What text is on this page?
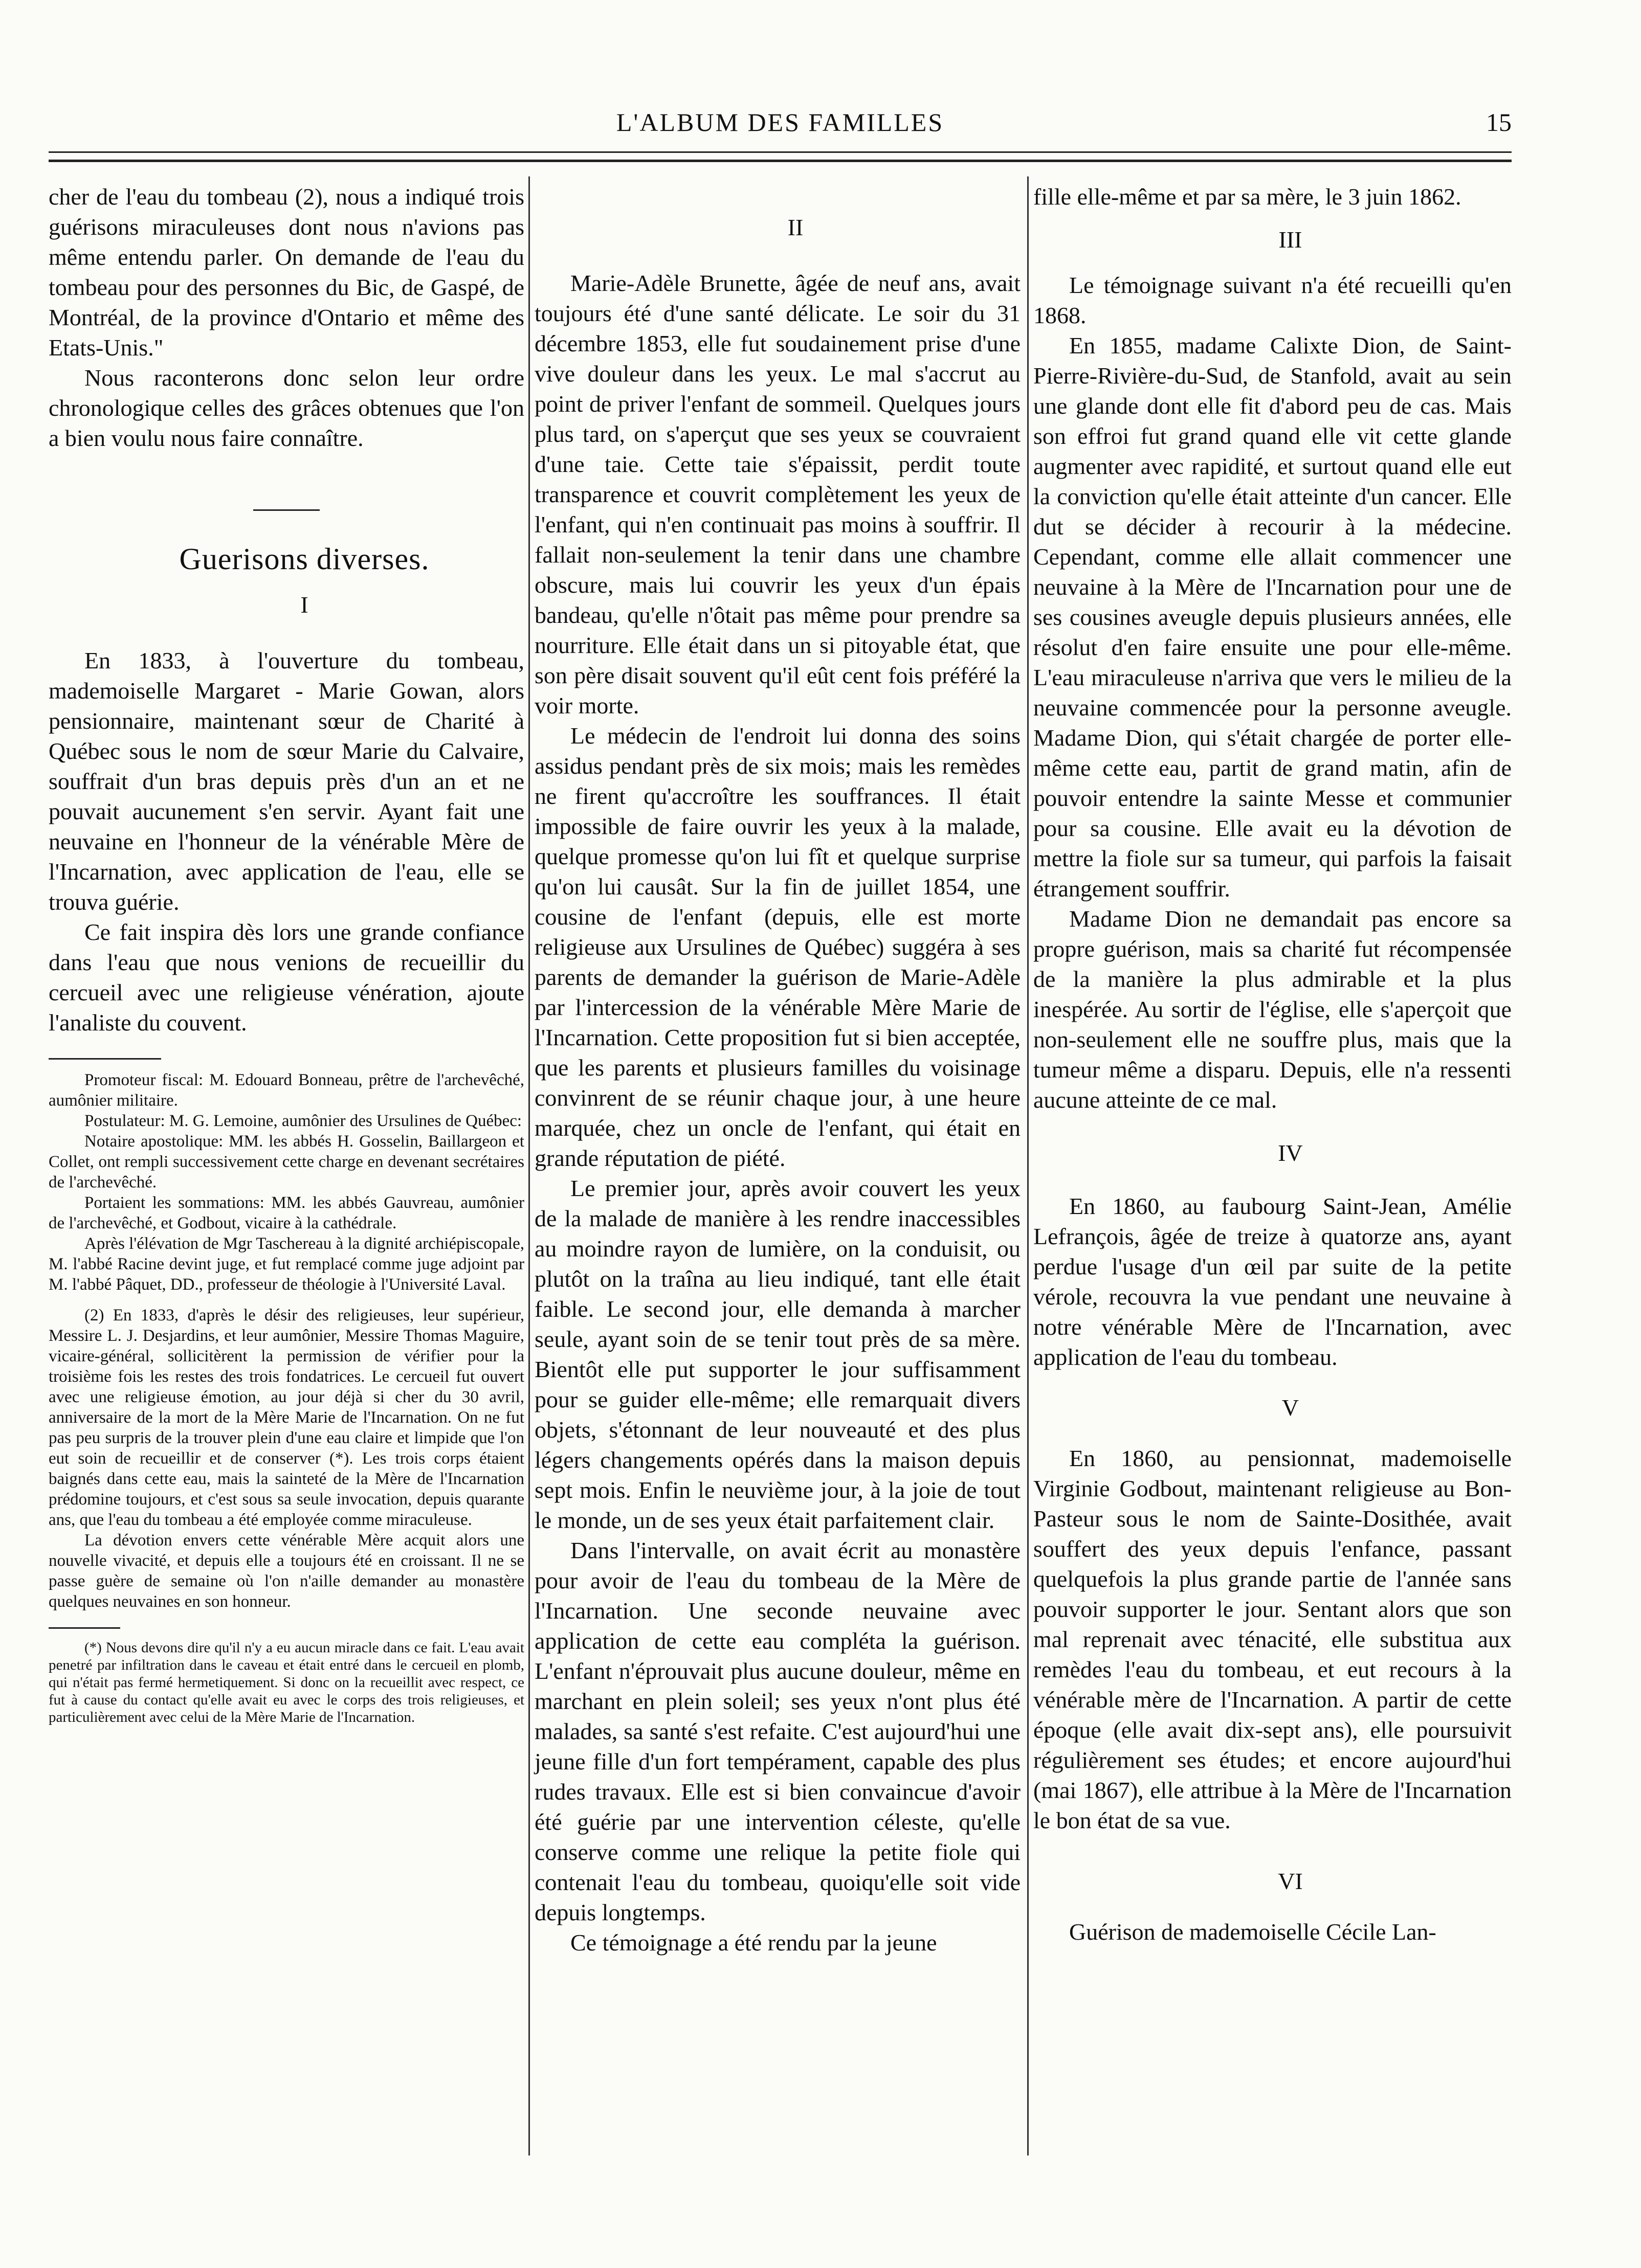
L'ALBUM DES FAMILLES	15

cher de l'eau du tombeau (2), nous a indiqué trois guérisons miraculeuses dont nous n'avions pas même entendu parler. On demande de l'eau du tombeau pour des personnes du Bic, de Gaspé, de Montréal, de la province d'Ontario et même des Etats-Unis."

Nous raconterons donc selon leur ordre chronologique celles des grâces obtenues que l'on a bien voulu nous faire connaître.

Guerisons diverses.

I

En 1833, à l'ouverture du tombeau, mademoiselle Margaret - Marie Gowan, alors pensionnaire, maintenant sœur de Charité à Québec sous le nom de sœur Marie du Calvaire, souffrait d'un bras depuis près d'un an et ne pouvait aucunement s'en servir. Ayant fait une neuvaine en l'honneur de la vénérable Mère de l'Incarnation, avec application de l'eau, elle se trouva guérie.

Ce fait inspira dès lors une grande confiance dans l'eau que nous venions de recueillir du cercueil avec une religieuse vénération, ajoute l'analiste du couvent.

Promoteur fiscal: M. Edouard Bonneau, prêtre de l'archevêché, aumônier militaire.

Postulateur: M. G. Lemoine, aumônier des Ursulines de Québec:

Notaire apostolique: MM. les abbés H. Gosselin, Baillargeon et Collet, ont rempli successivement cette charge en devenant secrétaires de l'archevêché.

Portaient les sommations: MM. les abbés Gauvreau, aumônier de l'archevêché, et Godbout, vicaire à la cathédrale.

Après l'élévation de Mgr Taschereau à la dignité archiépiscopale, M. l'abbé Racine devint juge, et fut remplacé comme juge adjoint par M. l'abbé Pâquet, DD., professeur de théologie à l'Université Laval.

(2) En 1833, d'après le désir des religieuses, leur supérieur, Messire L. J. Desjardins, et leur aumônier, Messire Thomas Maguire, vicaire-général, sollicitèrent la permission de vérifier pour la troisième fois les restes des trois fondatrices. Le cercueil fut ouvert avec une religieuse émotion, au jour déjà si cher du 30 avril, anniversaire de la mort de la Mère Marie de l'Incarnation. On ne fut pas peu surpris de la trouver plein d'une eau claire et limpide que l'on eut soin de recueillir et de conserver (*). Les trois corps étaient baignés dans cette eau, mais la sainteté de la Mère de l'Incarnation prédomine toujours, et c'est sous sa seule invocation, depuis quarante ans, que l'eau du tombeau a été employée comme miraculeuse.

La dévotion envers cette vénérable Mère acquit alors une nouvelle vivacité, et depuis elle a toujours été en croissant. Il ne se passe guère de semaine où l'on n'aille demander au monastère quelques neuvaines en son honneur.

(*) Nous devons dire qu'il n'y a eu aucun miracle dans ce fait. L'eau avait penetré par infiltration dans le caveau et était entré dans le cercueil en plomb, qui n'était pas fermé hermetiquement. Si donc on la recueillit avec respect, ce fut à cause du contact qu'elle avait eu avec le corps des trois religieuses, et particulièrement avec celui de la Mère Marie de l'Incarnation.

II

Marie-Adèle Brunette, âgée de neuf ans, avait toujours été d'une santé délicate. Le soir du 31 décembre 1853, elle fut soudainement prise d'une vive douleur dans les yeux. Le mal s'accrut au point de priver l'enfant de sommeil. Quelques jours plus tard, on s'aperçut que ses yeux se couvraient d'une taie. Cette taie s'épaissit, perdit toute transparence et couvrit complètement les yeux de l'enfant, qui n'en continuait pas moins à souffrir. Il fallait non-seulement la tenir dans une chambre obscure, mais lui couvrir les yeux d'un épais bandeau, qu'elle n'ôtait pas même pour prendre sa nourriture. Elle était dans un si pitoyable état, que son père disait souvent qu'il eût cent fois préféré la voir morte.

Le médecin de l'endroit lui donna des soins assidus pendant près de six mois; mais les remèdes ne firent qu'accroître les souffrances. Il était impossible de faire ouvrir les yeux à la malade, quelque promesse qu'on lui fît et quelque surprise qu'on lui causât. Sur la fin de juillet 1854, une cousine de l'enfant (depuis, elle est morte religieuse aux Ursulines de Québec) suggéra à ses parents de demander la guérison de Marie-Adèle par l'intercession de la vénérable Mère Marie de l'Incarnation. Cette proposition fut si bien acceptée, que les parents et plusieurs familles du voisinage convinrent de se réunir chaque jour, à une heure marquée, chez un oncle de l'enfant, qui était en grande réputation de piété.

Le premier jour, après avoir couvert les yeux de la malade de manière à les rendre inaccessibles au moindre rayon de lumière, on la conduisit, ou plutôt on la traîna au lieu indiqué, tant elle était faible. Le second jour, elle demanda à marcher seule, ayant soin de se tenir tout près de sa mère. Bientôt elle put supporter le jour suffisamment pour se guider elle-même; elle remarquait divers objets, s'étonnant de leur nouveauté et des plus légers changements opérés dans la maison depuis sept mois. Enfin le neuvième jour, à la joie de tout le monde, un de ses yeux était parfaitement clair.

Dans l'intervalle, on avait écrit au monastère pour avoir de l'eau du tombeau de la Mère de l'Incarnation. Une seconde neuvaine avec application de cette eau compléta la guérison. L'enfant n'éprouvait plus aucune douleur, même en marchant en plein soleil; ses yeux n'ont plus été malades, sa santé s'est refaite. C'est aujourd'hui une jeune fille d'un fort tempérament, capable des plus rudes travaux. Elle est si bien convaincue d'avoir été guérie par une intervention céleste, qu'elle conserve comme une relique la petite fiole qui contenait l'eau du tombeau, quoiqu'elle soit vide depuis longtemps.

Ce témoignage a été rendu par la jeune

fille elle-même et par sa mère, le 3 juin 1862.

III

Le témoignage suivant n'a été recueilli qu'en 1868.

En 1855, madame Calixte Dion, de Saint-Pierre-Rivière-du-Sud, de Stanfold, avait au sein une glande dont elle fit d'abord peu de cas. Mais son effroi fut grand quand elle vit cette glande augmenter avec rapidité, et surtout quand elle eut la conviction qu'elle était atteinte d'un cancer. Elle dut se décider à recourir à la médecine. Cependant, comme elle allait commencer une neuvaine à la Mère de l'Incarnation pour une de ses cousines aveugle depuis plusieurs années, elle résolut d'en faire ensuite une pour elle-même. L'eau miraculeuse n'arriva que vers le milieu de la neuvaine commencée pour la personne aveugle. Madame Dion, qui s'était chargée de porter elle-même cette eau, partit de grand matin, afin de pouvoir entendre la sainte Messe et communier pour sa cousine. Elle avait eu la dévotion de mettre la fiole sur sa tumeur, qui parfois la faisait étrangement souffrir.

Madame Dion ne demandait pas encore sa propre guérison, mais sa charité fut récompensée de la manière la plus admirable et la plus inespérée. Au sortir de l'église, elle s'aperçoit que non-seulement elle ne souffre plus, mais que la tumeur même a disparu. Depuis, elle n'a ressenti aucune atteinte de ce mal.

IV

En 1860, au faubourg Saint-Jean, Amélie Lefrançois, âgée de treize à quatorze ans, ayant perdue l'usage d'un œil par suite de la petite vérole, recouvra la vue pendant une neuvaine à notre vénérable Mère de l'Incarnation, avec application de l'eau du tombeau.

V

En 1860, au pensionnat, mademoiselle Virginie Godbout, maintenant religieuse au Bon-Pasteur sous le nom de Sainte-Dosithée, avait souffert des yeux depuis l'enfance, passant quelquefois la plus grande partie de l'année sans pouvoir supporter le jour. Sentant alors que son mal reprenait avec ténacité, elle substitua aux remèdes l'eau du tombeau, et eut recours à la vénérable mère de l'Incarnation. A partir de cette époque (elle avait dix-sept ans), elle poursuivit régulièrement ses études; et encore aujourd'hui (mai 1867), elle attribue à la Mère de l'Incarnation le bon état de sa vue.

VI

Guérison de mademoiselle Cécile Lan-
